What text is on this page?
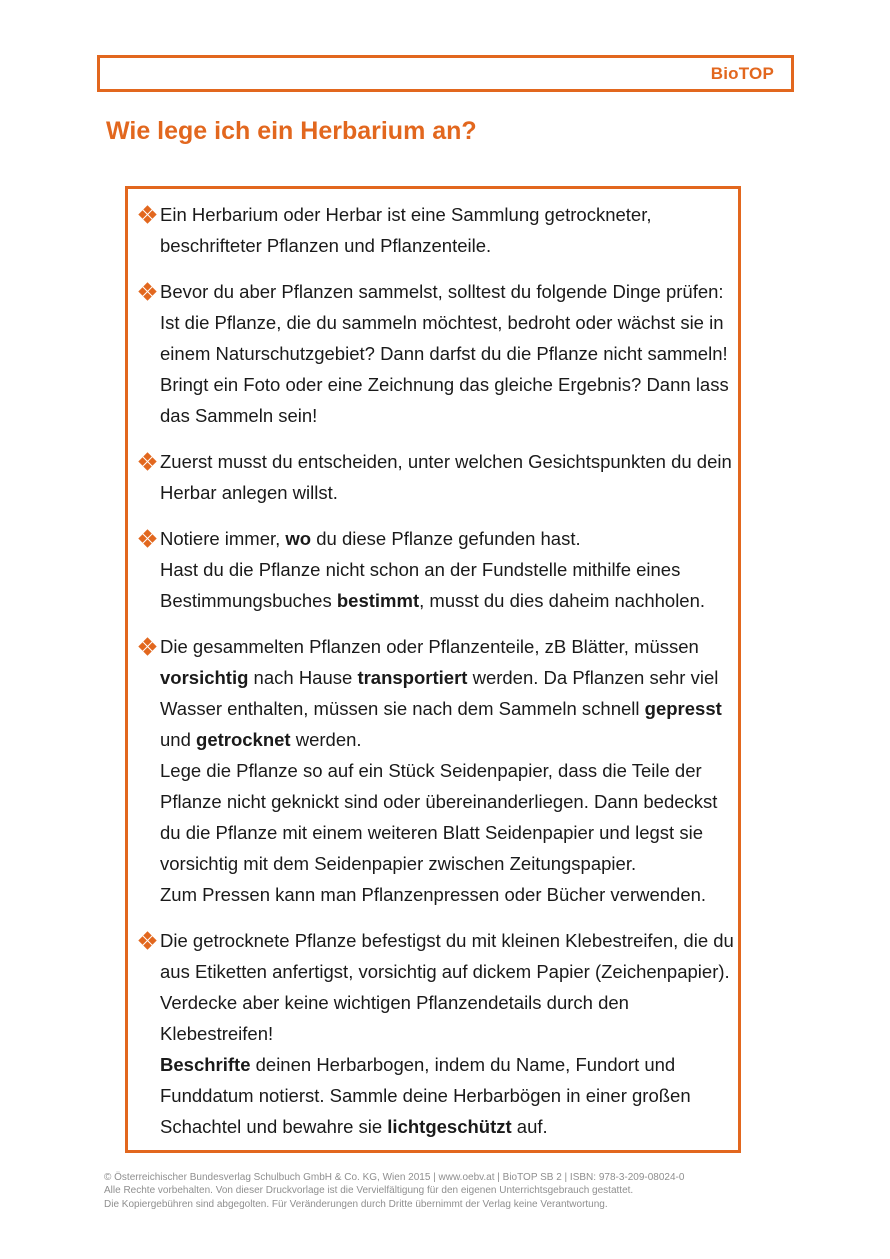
BioTOP
Wie lege ich ein Herbarium an?
Ein Herbarium oder Herbar ist eine Sammlung getrockneter,
beschrifteter Pflanzen und Pflanzenteile.
Bevor du aber Pflanzen sammelst, solltest du folgende Dinge prüfen:
Ist die Pflanze, die du sammeln möchtest, bedroht oder wächst sie in
einem Naturschutzgebiet? Dann darfst du die Pflanze nicht sammeln!
Bringt ein Foto oder eine Zeichnung das gleiche Ergebnis? Dann lass
das Sammeln sein!
Zuerst musst du entscheiden, unter welchen Gesichtspunkten du dein
Herbar anlegen willst.
Notiere immer, wo du diese Pflanze gefunden hast.
Hast du die Pflanze nicht schon an der Fundstelle mithilfe eines
Bestimmungsbuches bestimmt, musst du dies daheim nachholen.
Die gesammelten Pflanzen oder Pflanzenteile, zB Blätter, müssen
vorsichtig nach Hause transportiert werden. Da Pflanzen sehr viel
Wasser enthalten, müssen sie nach dem Sammeln schnell gepresst
und getrocknet werden.
Lege die Pflanze so auf ein Stück Seidenpapier, dass die Teile der
Pflanze nicht geknickt sind oder übereinanderliegen. Dann bedeckst
du die Pflanze mit einem weiteren Blatt Seidenpapier und legst sie
vorsichtig mit dem Seidenpapier zwischen Zeitungspapier.
Zum Pressen kann man Pflanzenpressen oder Bücher verwenden.
Die getrocknete Pflanze befestigst du mit kleinen Klebestreifen, die du
aus Etiketten anfertigst, vorsichtig auf dickem Papier (Zeichenpapier).
Verdecke aber keine wichtigen Pflanzendetails durch den
Klebestreifen!
Beschrifte deinen Herbarbogen, indem du Name, Fundort und
Funddatum notierst. Sammle deine Herbarbögen in einer großen
Schachtel und bewahre sie lichtgeschützt auf.
© Österreichischer Bundesverlag Schulbuch GmbH & Co. KG, Wien 2015 | www.oebv.at | BioTOP SB 2 | ISBN: 978-3-209-08024-0
Alle Rechte vorbehalten. Von dieser Druckvorlage ist die Vervielfältigung für den eigenen Unterrichtsgebrauch gestattet.
Die Kopiergebühren sind abgegolten. Für Veränderungen durch Dritte übernimmt der Verlag keine Verantwortung.
